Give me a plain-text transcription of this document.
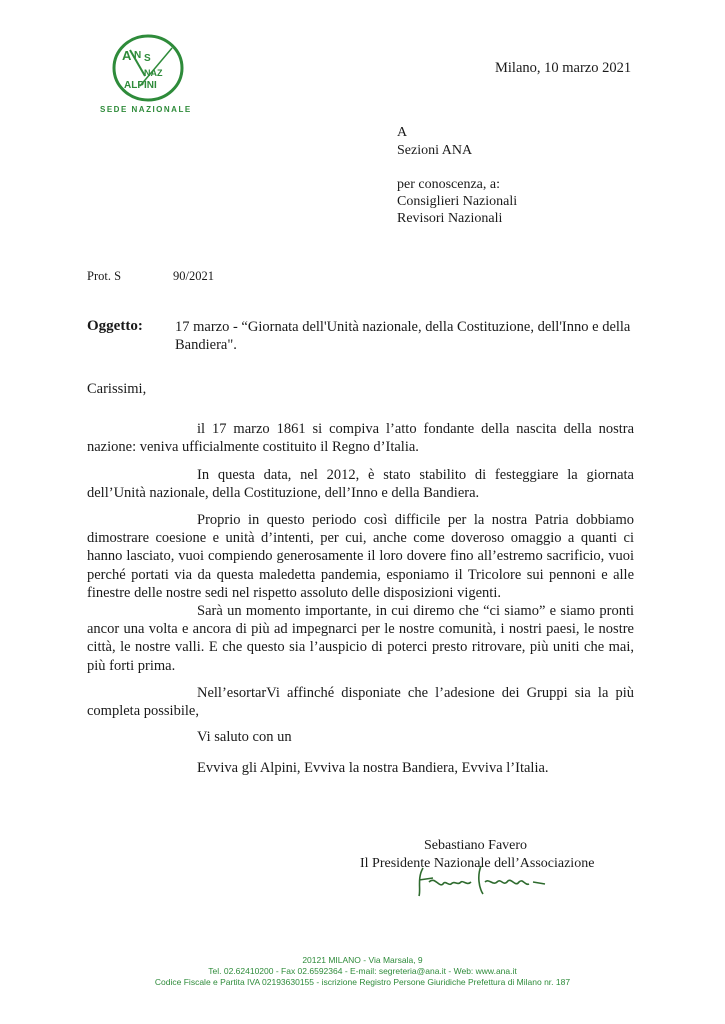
A N S
NAZ
ALPINI
SEDE NAZIONALE
Milano, 10 marzo 2021
A
Sezioni ANA
per conoscenza, a:
Consiglieri Nazionali
Revisori Nazionali
Prot. S	90/2021
Oggetto: 17 marzo - “Giornata dell'Unità nazionale, della Costituzione, dell'Inno e della Bandiera".
Carissimi,
il 17 marzo 1861 si compiva l’atto fondante della nascita della nostra nazione: veniva ufficialmente costituito il Regno d’Italia.
In questa data, nel 2012, è stato stabilito di festeggiare la giornata dell’Unità nazionale, della Costituzione, dell’Inno e della Bandiera.
Proprio in questo periodo così difficile per la nostra Patria dobbiamo dimostrare coesione e unità d’intenti, per cui, anche come doveroso omaggio a quanti ci hanno lasciato, vuoi compiendo generosamente il loro dovere fino all’estremo sacrificio, vuoi perché portati via da questa maledetta pandemia, esponiamo il Tricolore sui pennoni e alle finestre delle nostre sedi nel rispetto assoluto delle disposizioni vigenti.
Sarà un momento importante, in cui diremo che “ci siamo” e siamo pronti ancor una volta e ancora di più ad impegnarci per le nostre comunità, i nostri paesi, le nostre città, le nostre valli. E che questo sia l’auspicio di poterci presto ritrovare, più uniti che mai, più forti prima.
Nell’esortarVi affinché disponiate che l’adesione dei Gruppi sia la più completa possibile,
Vi saluto con un
Evviva gli Alpini, Evviva la nostra Bandiera, Evviva l’Italia.
Sebastiano Favero
Il Presidente Nazionale dell’Associazione
20121 MILANO - Via Marsala, 9
Tel. 02.62410200 - Fax 02.6592364 - E-mail: segreteria@ana.it - Web: www.ana.it
Codice Fiscale e Partita IVA 02193630155 - iscrizione Registro Persone Giuridiche Prefettura di Milano nr. 187
